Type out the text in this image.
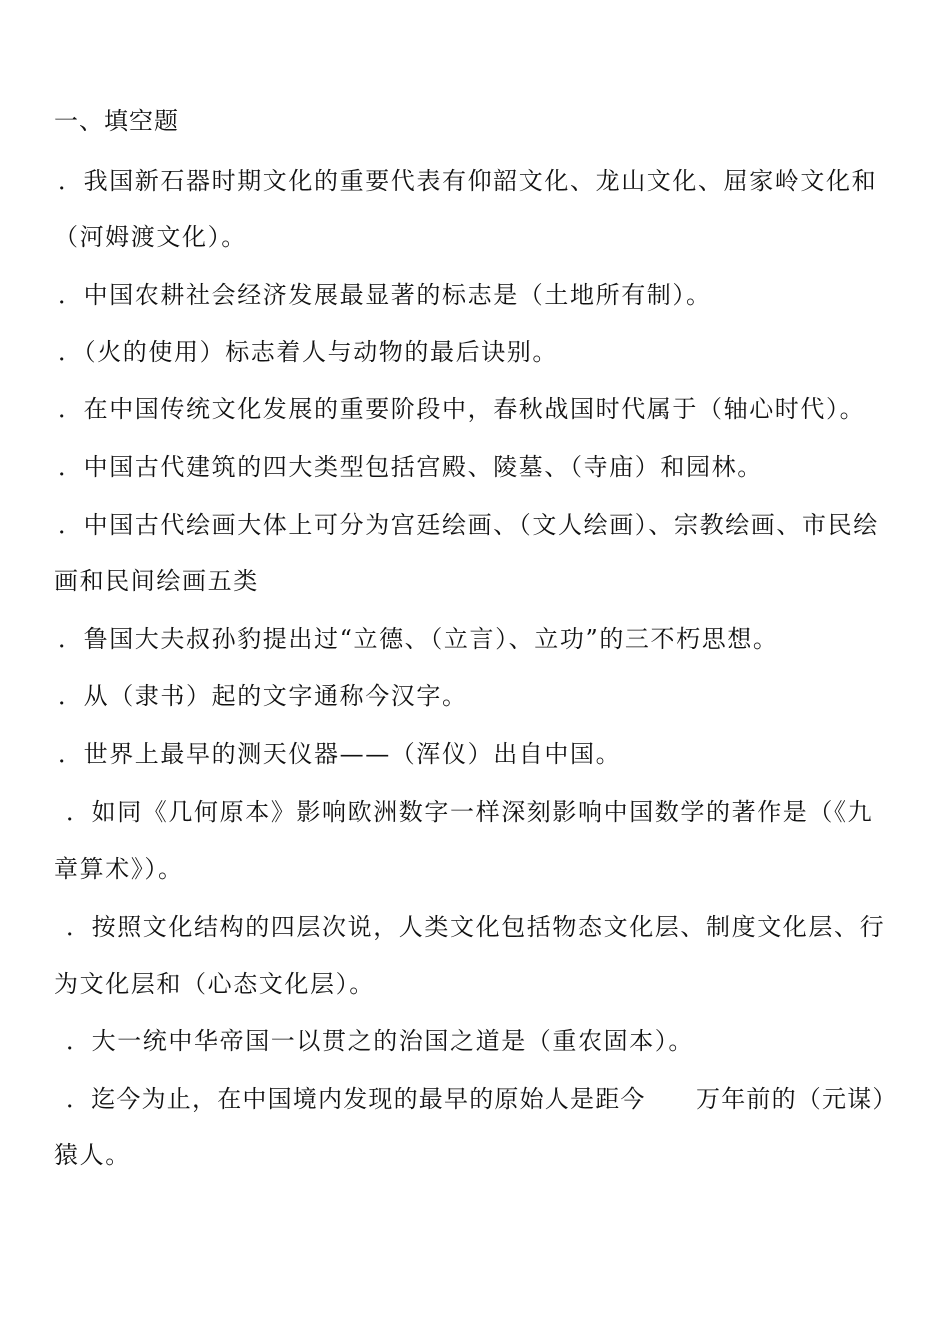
一、填空题
．我国新石器时期文化的重要代表有仰韶文化、龙山文化、屈家岭文化和
（河姆渡文化）。
．中国农耕社会经济发展最显著的标志是（土地所有制）。
．（火的使用）标志着人与动物的最后诀别。
．在中国传统文化发展的重要阶段中，春秋战国时代属于（轴心时代）。
．中国古代建筑的四大类型包括宫殿、陵墓、（寺庙）和园林。
．中国古代绘画大体上可分为宫廷绘画、（文人绘画）、宗教绘画、市民绘
画和民间绘画五类
．鲁国大夫叔孙豹提出过“立德、（立言）、立功”的三不朽思想。
．从（隶书）起的文字通称今汉字。
．世界上最早的测天仪器——（浑仪）出自中国。
．如同《几何原本》影响欧洲数字一样深刻影响中国数学的著作是（《九
章算术》）。
．按照文化结构的四层次说，人类文化包括物态文化层、制度文化层、行
为文化层和（心态文化层）。
．大一统中华帝国一以贯之的治国之道是（重农固本）。
．迄今为止，在中国境内发现的最早的原始人是距今　　万年前的（元谋）
猿人。
